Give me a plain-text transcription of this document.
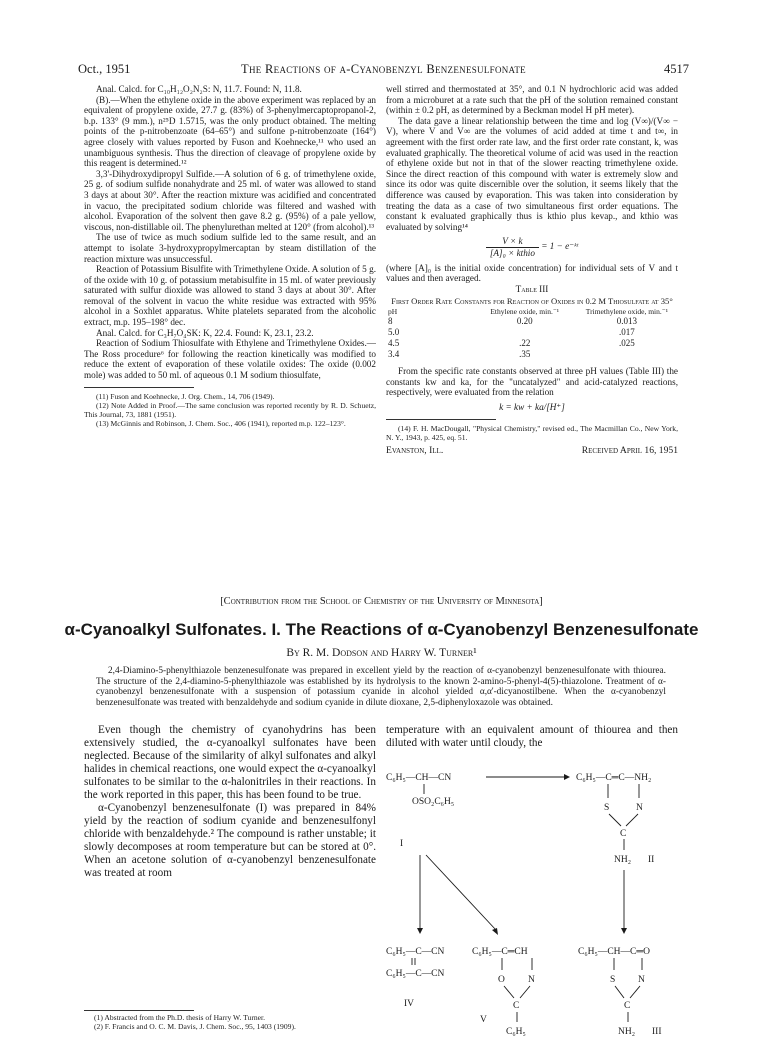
Oct., 1951	The Reactions of α-Cyanobenzyl Benzenesulfonate	4517

Anal. Calcd. for C₁₀H₁₂O₂N₂S: N, 11.7. Found: N, 11.8.

(B).—When the ethylene oxide in the above experiment was replaced by an equivalent of propylene oxide, 27.7 g. (83%) of 3-phenylmercaptopropanol-2, b.p. 133° (9 mm.), n²⁵D 1.5715, was the only product obtained. The melting points of the p-nitrobenzoate (64–65°) and sulfone p-nitrobenzoate (164°) agree closely with values reported by Fuson and Koehnecke,¹¹ who used an unambiguous synthesis. Thus the direction of cleavage of propylene oxide by this reagent is determined.¹²

3,3'-Dihydroxydipropyl Sulfide.—A solution of 6 g. of trimethylene oxide, 25 g. of sodium sulfide nonahydrate and 25 ml. of water was allowed to stand 3 days at about 30°. After the reaction mixture was acidified and concentrated in vacuo, the precipitated sodium chloride was filtered and washed with alcohol. Evaporation of the solvent then gave 8.2 g. (95%) of a pale yellow, viscous, non-distillable oil. The phenylurethan melted at 120° (from alcohol).¹³

The use of twice as much sodium sulfide led to the same result, and an attempt to isolate 3-hydroxypropylmercaptan by steam distillation of the reaction mixture was unsuccessful.

Reaction of Potassium Bisulfite with Trimethylene Oxide. A solution of 5 g. of the oxide with 10 g. of potassium metabisulfite in 15 ml. of water previously saturated with sulfur dioxide was allowed to stand 3 days at about 30°. After removal of the solvent in vacuo the white residue was extracted with 95% alcohol in a Soxhlet apparatus. White platelets separated from the alcoholic extract, m.p. 195–198° dec.

Anal. Calcd. for C₃H₇O₄SK: K, 22.4. Found: K, 23.1, 23.2.

Reaction of Sodium Thiosulfate with Ethylene and Trimethylene Oxides.—The Ross procedure⁶ for following the reaction kinetically was modified to reduce the extent of evaporation of these volatile oxides: The oxide (0.002 mole) was added to 50 ml. of aqueous 0.1 M sodium thiosulfate,

(11) Fuson and Koehnecke, J. Org. Chem., 14, 706 (1949).

(12) Note Added in Proof.—The same conclusion was reported recently by R. D. Schuetz, This Journal, 73, 1881 (1951).

(13) McGinnis and Robinson, J. Chem. Soc., 406 (1941), reported m.p. 122–123°.

well stirred and thermostated at 35°, and 0.1 N hydrochloric acid was added from a microburet at a rate such that the pH of the solution remained constant (within ± 0.2 pH, as determined by a Beckman model H pH meter).

The data gave a linear relationship between the time and log (V∞)/(V∞ − V), where V and V∞ are the volumes of acid added at time t and t∞, in agreement with the first order rate law, and the first order rate constant, k, was evaluated graphically. The theoretical volume of acid was used in the reaction of ethylene oxide but not in that of the slower reacting trimethylene oxide. Since the direct reaction of this compound with water is extremely slow and since its odor was quite discernible over the solution, it seems likely that the difference was caused by evaporation. This was taken into consideration by treating the data as a case of two simultaneous first order equations. The constant k evaluated graphically thus is kthio plus kevap., and kthio was evaluated by solving¹⁴

$\frac{V \times k}{\text{[A]₀ × kthio}} = 1$ − e⁻ᵏᵗ

(where [A]₀ is the initial oxide concentration) for individual sets of V and t values and then averaged.

Table III
First Order Rate Constants for Reaction of Oxides in 0.2 M Thiosulfate at 35°
pH	Ethylene oxide, min.⁻¹	Trimethylene oxide, min.⁻¹
8	0.20	0.013
5.0		.017
4.5	.22	.025
3.4	.35	

From the specific rate constants observed at three pH values (Table III) the constants kw and ka, for the "uncatalyzed" and acid-catalyzed reactions, respectively, were evaluated from the relation

k = kw + ka/[H⁺]

(14) F. H. MacDougall, "Physical Chemistry," revised ed., The Macmillan Co., New York, N. Y., 1943, p. 425, eq. 51.

Evanston, Ill.	Received April 16, 1951
[Contribution from the School of Chemistry of the University of Minnesota]
α-Cyanoalkyl Sulfonates. I. The Reactions of α-Cyanobenzyl Benzenesulfonate
By R. M. Dodson and Harry W. Turner¹
2,4-Diamino-5-phenylthiazole benzenesulfonate was prepared in excellent yield by the reaction of α-cyanobenzyl benzenesulfonate with thiourea. The structure of the 2,4-diamino-5-phenylthiazole was established by its hydrolysis to the known 2-amino-5-phenyl-4(5)-thiazolone. Treatment of α-cyanobenzyl benzenesulfonate with a suspension of potassium cyanide in alcohol yielded α,α'-dicyanostilbene. When the α-cyanobenzyl benzenesulfonate was treated with benzaldehyde and sodium cyanide in dilute dioxane, 2,5-diphenyloxazole was obtained.

Even though the chemistry of cyanohydrins has been extensively studied, the α-cyanoalkyl sulfonates have been neglected. Because of the similarity of alkyl sulfonates and alkyl halides in chemical reactions, one would expect the α-cyanoalkyl sulfonates to be similar to the α-halonitriles in their reactions. In the work reported in this paper, this has been found to be true.

α-Cyanobenzyl benzenesulfonate (I) was prepared in 84% yield by the reaction of sodium cyanide and benzenesulfonyl chloride with benzaldehyde.² The compound is rather unstable; it slowly decomposes at room temperature but can be stored at 0°. When an acetone solution of α-cyanobenzyl benzenesulfonate was treated at room

temperature with an equivalent amount of thiourea and then diluted with water until cloudy, the

(1) Abstracted from the Ph.D. thesis of Harry W. Turner.

(2) F. Francis and O. C. M. Davis, J. Chem. Soc., 95, 1403 (1909).

C₆H₅—CH—CN
OSO₂C₆H₅
I
C₆H₅—C═C—NH₂
S	N
C
NH₂ II
C₆H₅—C—CN
C₆H₅—C—CN
IV
C₆H₅—C═CH
O N
C
C₆H₅
V
C₆H₅—CH—C═O
S N
C
NH₂ III
